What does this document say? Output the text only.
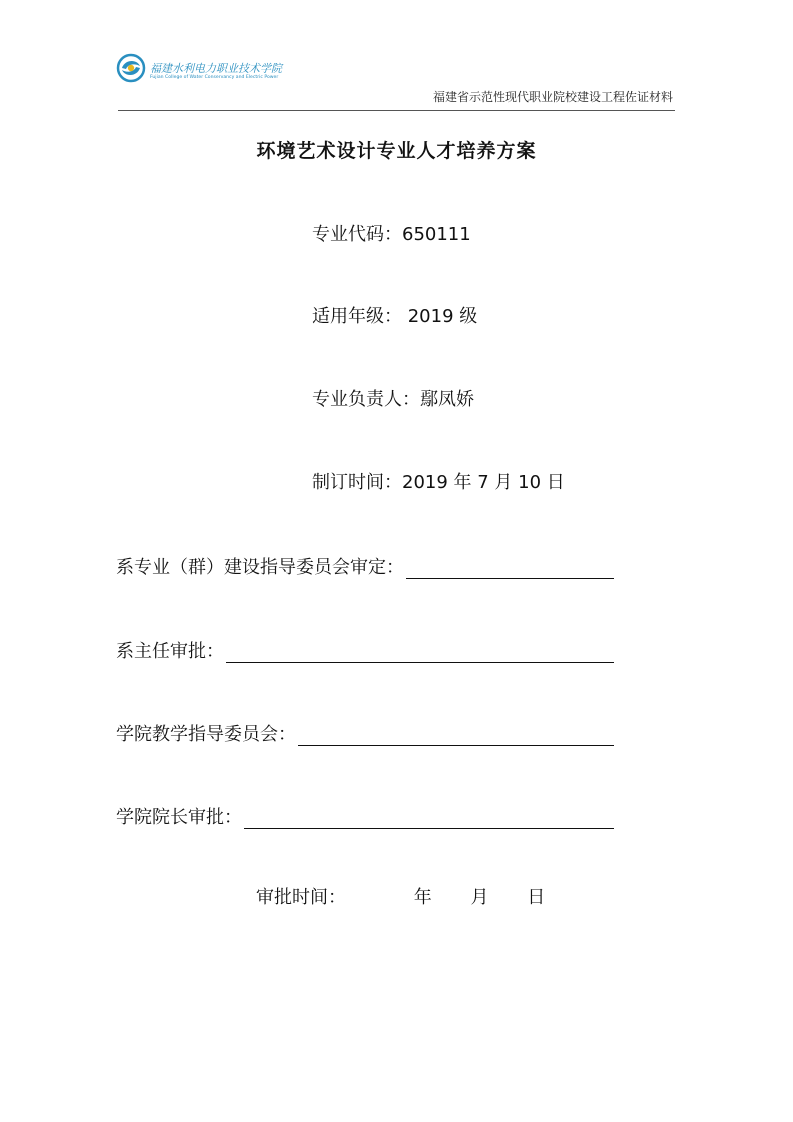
福建水利电力职业技术学院
Fujian College of Water Conservancy and Electric Power
福建省示范性现代职业院校建设工程佐证材料
环境艺术设计专业人才培养方案
专业代码：650111
适用年级： 2019 级
专业负责人：鄢凤娇
制订时间：2019 年 7 月 10 日
系专业（群）建设指导委员会审定：
系主任审批：
学院教学指导委员会：
学院院长审批：
审批时间：	年 月 日
